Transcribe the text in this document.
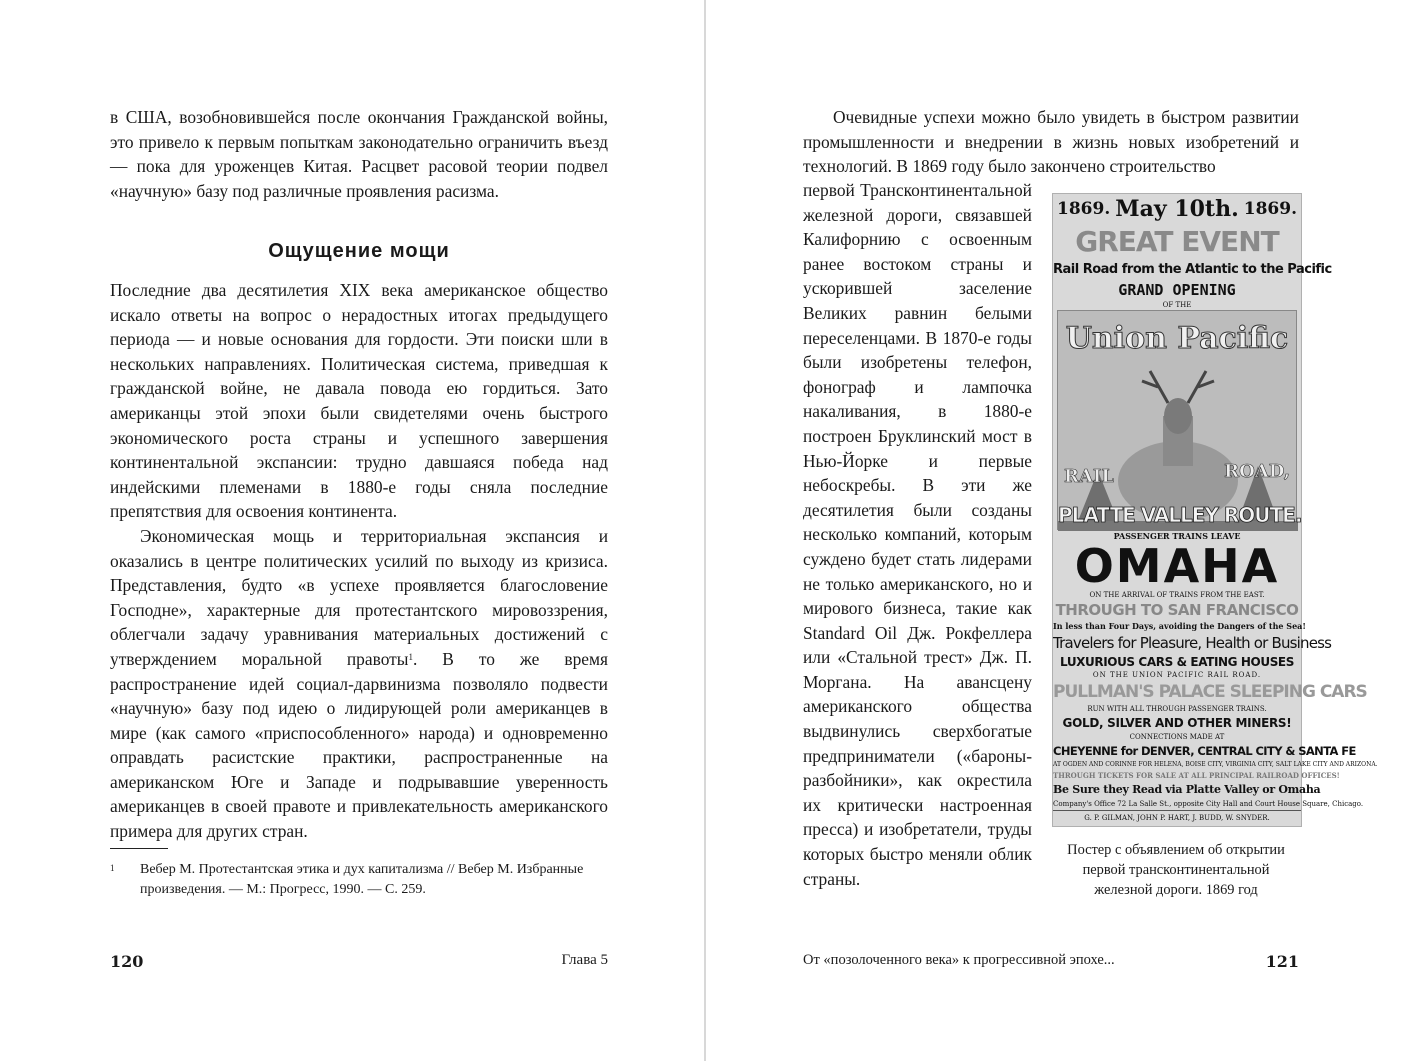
в США, возобновившейся после окончания Гражданской войны, это привело к первым попыткам законодательно ограничить въезд — пока для уроженцев Китая. Расцвет расовой теории подвел «научную» базу под различные проявления расизма.

Ощущение мощи

Последние два десятилетия XIX века американское общество искало ответы на вопрос о нерадостных итогах предыдущего периода — и новые основания для гордости. Эти поиски шли в нескольких направлениях. Политическая система, приведшая к гражданской войне, не давала повода ею гордиться. Зато американцы этой эпохи были свидетелями очень быстрого экономического роста страны и успешного завершения континентальной экспансии: трудно давшаяся победа над индейскими племенами в 1880-е годы сняла последние препятствия для освоения континента.

Экономическая мощь и территориальная экспансия и оказались в центре политических усилий по выходу из кризиса. Представления, будто «в успехе проявляется благословение Господне», характерные для протестантского мировоззрения, облегчали задачу уравнивания материальных достижений с утверждением моральной правоты$^1$. В то же время распространение идей социал-дарвинизма позволяло подвести «научную» базу под идею о лидирующей роли американцев в мире (как самого «приспособленного» народа) и одновременно оправдать расистские практики, распространенные на американском Юге и Западе и подрывавшие уверенность американцев в своей правоте и привлекательность американского примера для других стран.

1 Вебер М. Протестантская этика и дух капитализма // Вебер М. Избранные произведения. — М.: Прогресс, 1990. — С. 259.
120	Глава 5

Очевидные успехи можно было увидеть в быстром развитии промышленности и внедрении в жизнь новых изобретений и технологий. В 1869 году было закончено строительство

первой Трансконтинентальной железной дороги, связавшей Калифорнию с освоенным ранее востоком страны и ускорившей заселение Великих равнин белыми переселенцами. В 1870-е годы были изобретены телефон, фонограф и лампочка накаливания, в 1880-е построен Бруклинский мост в Нью-Йорке и первые небоскребы. В эти же десятилетия были созданы несколько компаний, которым суждено будет стать лидерами не только американского, но и мирового бизнеса, такие как Standard Oil Дж. Рокфеллера или «Стальной трест» Дж. П. Моргана. На авансцену американского общества выдвинулись сверхбогатые предприниматели («бароны-разбойники», как окрестила их критически настроенная пресса) и изобретатели, труды которых быстро меняли облик страны.

1869. May 10th. 1869.
GREAT EVENT
Rail Road from the Atlantic to the Pacific
GRAND OPENING
OF THE
Union Pacific
RAIL	ROAD,
PLATTE VALLEY ROUTE.
PASSENGER TRAINS LEAVE
OMAHA
ON THE ARRIVAL OF TRAINS FROM THE EAST.
THROUGH TO SAN FRANCISCO
In less than Four Days, avoiding the Dangers of the Sea!
Travelers for Pleasure, Health or Business
LUXURIOUS CARS & EATING HOUSES
ON THE UNION PACIFIC RAIL ROAD.
PULLMAN'S PALACE SLEEPING CARS
RUN WITH ALL THROUGH PASSENGER TRAINS.
GOLD, SILVER AND OTHER MINERS!
CONNECTIONS MADE AT
CHEYENNE for DENVER, CENTRAL CITY & SANTA FE
AT OGDEN AND CORINNE FOR HELENA, BOISE CITY, VIRGINIA CITY, SALT LAKE CITY AND ARIZONA.
THROUGH TICKETS FOR SALE AT ALL PRINCIPAL RAILROAD OFFICES!
Be Sure they Read via Platte Valley or Omaha
Company's Office 72 La Salle St., opposite City Hall and Court House Square, Chicago.
G. P. GILMAN, JOHN P. HART, J. BUDD, W. SNYDER.
Постер с объявлением об открытии первой трансконтинентальной железной дороги. 1869 год
От «позолоченного века» к прогрессивной эпохе...	121
